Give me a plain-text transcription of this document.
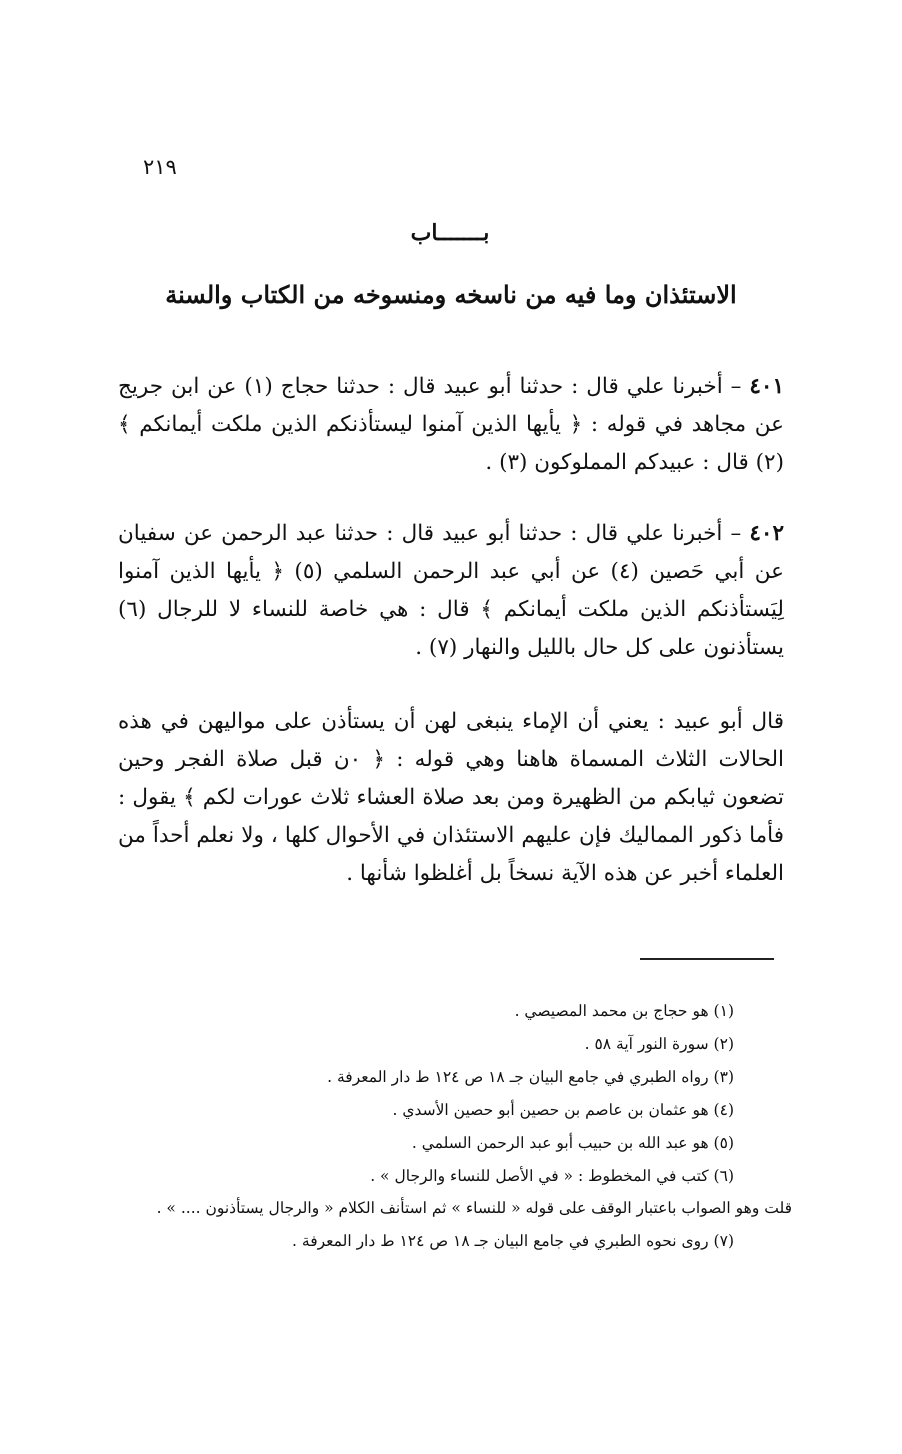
٢١٩
بـــــــاب
الاستئذان وما فيه من ناسخه ومنسوخه من الكتاب والسنة
٤٠١ – أخبرنا علي قال : حدثنا أبو عبيد قال : حدثنا حجاج (١) عن ابن جريج عن مجاهد في قوله : ﴿ يأيها الذين آمنوا ليستأذنكم الذين ملكت أيمانكم ﴾ (٢) قال : عبيدكم المملوكون (٣) .
٤٠٢ – أخبرنا علي قال : حدثنا أبو عبيد قال : حدثنا عبد الرحمن عن سفيان عن أبي حَصين (٤) عن أبي عبد الرحمن السلمي (٥) ﴿ يأيها الذين آمنوا لِيَستأذنكم الذين ملكت أيمانكم ﴾ قال : هي خاصة للنساء لا للرجال (٦) يستأذنون على كل حال بالليل والنهار (٧) .
قال أبو عبيد : يعني أن الإماء ينبغى لهن أن يستأذن على مواليهن في هذه الحالات الثلاث المسماة هاهنا وهي قوله : ﴿ ٠ن قبل صلاة الفجر وحين تضعون ثيابكم من الظهيرة ومن بعد صلاة العشاء ثلاث عورات لكم ﴾ يقول : فأما ذكور المماليك فإن عليهم الاستئذان في الأحوال كلها ، ولا نعلم أحداً من العلماء أخبر عن هذه الآية نسخاً بل أغلظوا شأنها .
(١) هو حجاج بن محمد المصيصي .
(٢) سورة النور آية ٥٨ .
(٣) رواه الطبري في جامع البيان جـ ١٨ ص ١٢٤ ط دار المعرفة .
(٤) هو عثمان بن عاصم بن حصين أبو حصين الأسدي .
(٥) هو عبد الله بن حبيب أبو عبد الرحمن السلمي .
(٦) كتب في المخطوط : « في الأصل للنساء والرجال » .
قلت وهو الصواب باعتبار الوقف على قوله « للنساء » ثم استأنف الكلام « والرجال يستأذنون .... » .
(٧) روى نحوه الطبري في جامع البيان جـ ١٨ ص ١٢٤ ط دار المعرفة .
